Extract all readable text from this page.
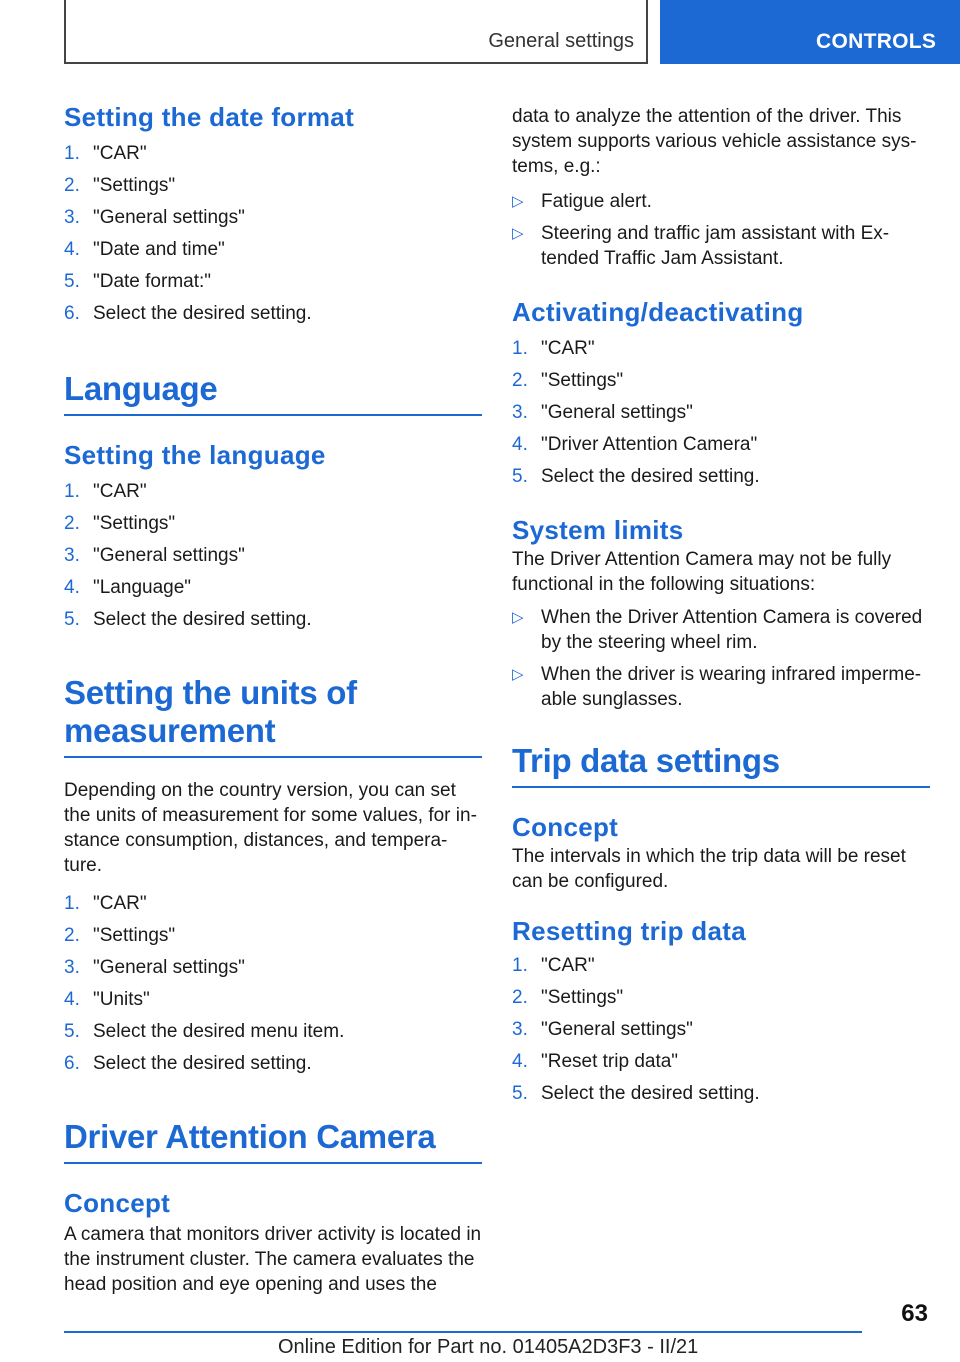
General settings	CONTROLS
Setting the date format
1. "CAR"
2. "Settings"
3. "General settings"
4. "Date and time"
5. "Date format:"
6. Select the desired setting.
Language
Setting the language
1. "CAR"
2. "Settings"
3. "General settings"
4. "Language"
5. Select the desired setting.
Setting the units of
measurement

Depending on the country version, you can set the units of measurement for some values, for in-stance consumption, distances, and tempera-ture.

1. "CAR"
2. "Settings"
3. "General settings"
4. "Units"
5. Select the desired menu item.
6. Select the desired setting.
Driver Attention Camera
Concept

A camera that monitors driver activity is located in the instrument cluster. The camera evaluates the head position and eye opening and uses the

data to analyze the attention of the driver. This system supports various vehicle assistance sys-tems, e.g.:

▷ Fatigue alert.
▷ Steering and traffic jam assistant with Ex-tended Traffic Jam Assistant.
Activating/deactivating
1. "CAR"
2. "Settings"
3. "General settings"
4. "Driver Attention Camera"
5. Select the desired setting.
System limits

The Driver Attention Camera may not be fully functional in the following situations:

▷ When the Driver Attention Camera is covered by the steering wheel rim.
▷ When the driver is wearing infrared imperme-able sunglasses.
Trip data settings
Concept

The intervals in which the trip data will be reset can be configured.

Resetting trip data
1. "CAR"
2. "Settings"
3. "General settings"
4. "Reset trip data"
5. Select the desired setting.
63
Online Edition for Part no. 01405A2D3F3 - II/21
